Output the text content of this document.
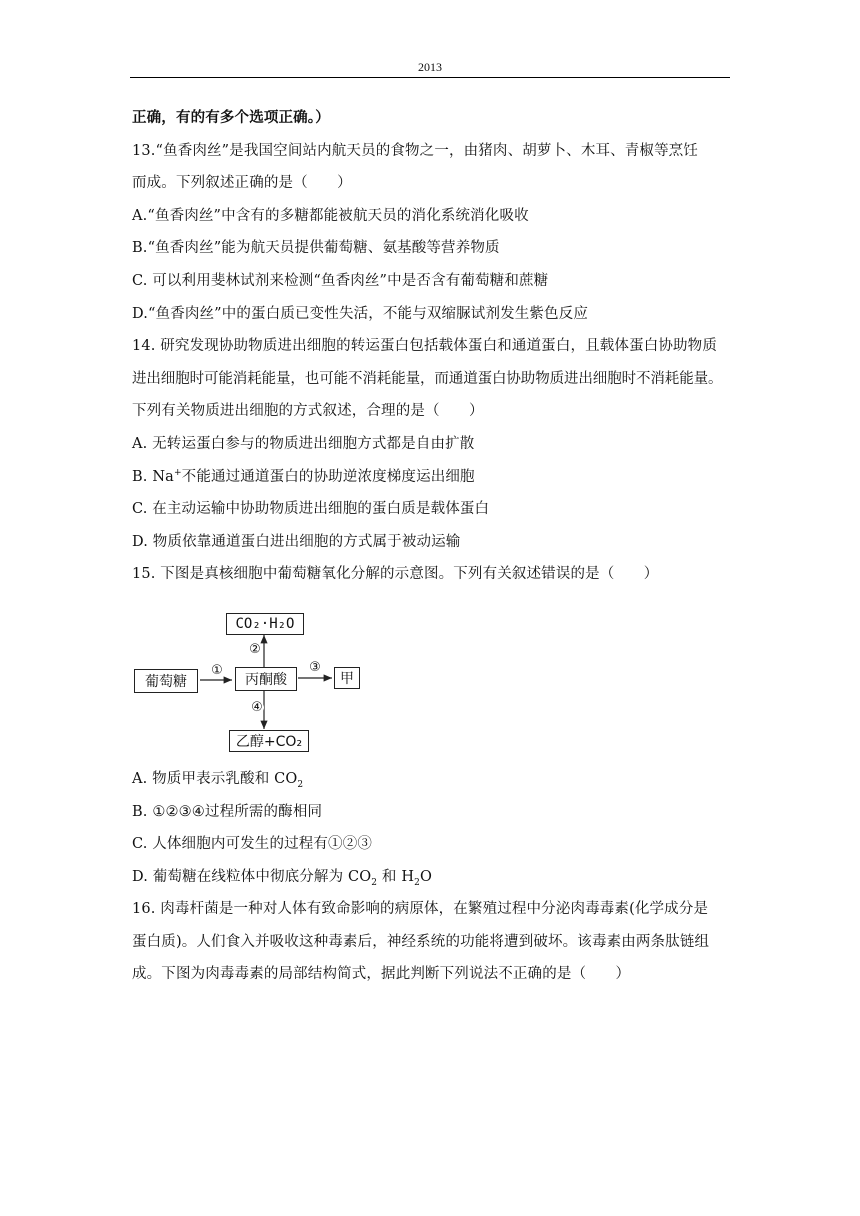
2013
正确，有的有多个选项正确。）
13.“鱼香肉丝”是我国空间站内航天员的食物之一，由猪肉、胡萝卜、木耳、青椒等烹饪
而成。下列叙述正确的是（　　）
A.“鱼香肉丝”中含有的多糖都能被航天员的消化系统消化吸收
B.“鱼香肉丝”能为航天员提供葡萄糖、氨基酸等营养物质
C. 可以利用斐林试剂来检测“鱼香肉丝”中是否含有葡萄糖和蔗糖
D.“鱼香肉丝”中的蛋白质已变性失活，不能与双缩脲试剂发生紫色反应
14. 研究发现协助物质进出细胞的转运蛋白包括载体蛋白和通道蛋白，且载体蛋白协助物质
进出细胞时可能消耗能量，也可能不消耗能量，而通道蛋白协助物质进出细胞时不消耗能量。
下列有关物质进出细胞的方式叙述，合理的是（　　）
A. 无转运蛋白参与的物质进出细胞方式都是自由扩散
B. Na+不能通过通道蛋白的协助逆浓度梯度运出细胞
C. 在主动运输中协助物质进出细胞的蛋白质是载体蛋白
D. 物质依靠通道蛋白进出细胞的方式属于被动运输
15. 下图是真核细胞中葡萄糖氧化分解的示意图。下列有关叙述错误的是（　　）
CO₂·H₂O
葡萄糖	丙酮酸	甲
乙醇+CO₂
①
②
③
④
A. 物质甲表示乳酸和 $CO_2$
B. ①②③④过程所需的酶相同
C. 人体细胞内可发生的过程有①②③
D. 葡萄糖在线粒体中彻底分解为 $CO_2$ 和 $H_2O$
16. 肉毒杆菌是一种对人体有致命影响的病原体，在繁殖过程中分泌肉毒毒素(化学成分是
蛋白质)。人们食入并吸收这种毒素后，神经系统的功能将遭到破坏。该毒素由两条肽链组
成。下图为肉毒毒素的局部结构简式，据此判断下列说法不正确的是（　　）
